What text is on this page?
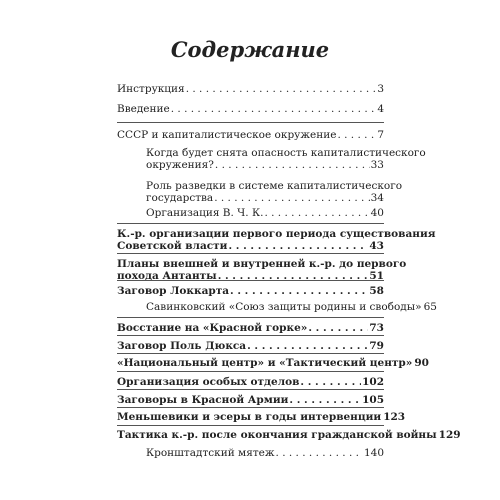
Содержание
Инструкция . . .	3
Введение . . .	4
СССР и капиталистическое окружение . . .	7
Когда будет снята опасность капиталистического
окружения? . . .	33
Роль разведки в системе капиталистического
государства . . .	34
Организация В. Ч. К. . . .	40
К.-р. организации первого периода существования
Советской власти . . .	43
Планы внешней и внутренней к.-р. до первого
похода Антанты . . .	51
Заговор Локкарта . . .	58
Савинковский «Союз защиты родины и свободы» 65
Восстание на «Красной горке» . . .	73
Заговор Поль Дюкса . . .	79
«Национальный центр» и «Тактический центр» 90
Организация особых отделов . . .	102
Заговоры в Красной Армии . . .	105
Меньшевики и эсеры в годы интервенции 123
Тактика к.-р. после окончания гражданской войны 129
Кронштадтский мятеж . . .	140
